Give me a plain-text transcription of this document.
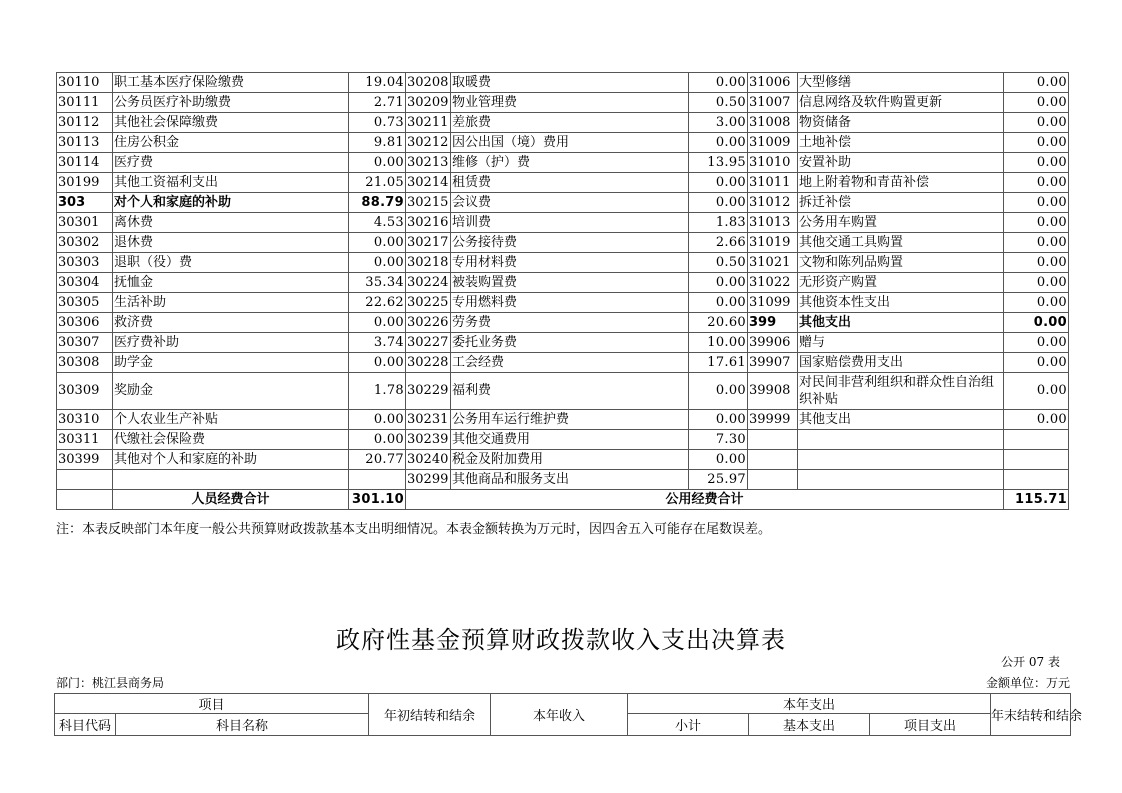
30110	职工基本医疗保险缴费	19.04	30208	取暖费	0.00	31006	大型修缮	0.00
30111	公务员医疗补助缴费	2.71	30209	物业管理费	0.50	31007	信息网络及软件购置更新	0.00
30112	其他社会保障缴费	0.73	30211	差旅费	3.00	31008	物资储备	0.00
30113	住房公积金	9.81	30212	因公出国（境）费用	0.00	31009	土地补偿	0.00
30114	医疗费	0.00	30213	维修（护）费	13.95	31010	安置补助	0.00
30199	其他工资福利支出	21.05	30214	租赁费	0.00	31011	地上附着物和青苗补偿	0.00
303	对个人和家庭的补助	88.79	30215	会议费	0.00	31012	拆迁补偿	0.00
30301	离休费	4.53	30216	培训费	1.83	31013	公务用车购置	0.00
30302	退休费	0.00	30217	公务接待费	2.66	31019	其他交通工具购置	0.00
30303	退职（役）费	0.00	30218	专用材料费	0.50	31021	文物和陈列品购置	0.00
30304	抚恤金	35.34	30224	被装购置费	0.00	31022	无形资产购置	0.00
30305	生活补助	22.62	30225	专用燃料费	0.00	31099	其他资本性支出	0.00
30306	救济费	0.00	30226	劳务费	20.60	399	其他支出	0.00
30307	医疗费补助	3.74	30227	委托业务费	10.00	39906	赠与	0.00
30308	助学金	0.00	30228	工会经费	17.61	39907	国家赔偿费用支出	0.00
30309	奖励金	1.78	30229	福利费	0.00	39908	对民间非营利组织和群众性自治组织补贴	0.00
30310	个人农业生产补贴	0.00	30231	公务用车运行维护费	0.00	39999	其他支出	0.00
30311	代缴社会保险费	0.00	30239	其他交通费用	7.30			
30399	其他对个人和家庭的补助	20.77	30240	税金及附加费用	0.00			
			30299	其他商品和服务支出	25.97			
	人员经费合计	301.10	公用经费合计					115.71
注：本表反映部门本年度一般公共预算财政拨款基本支出明细情况。本表金额转换为万元时，因四舍五入可能存在尾数误差。
政府性基金预算财政拨款收入支出决算表
公开 07 表
部门：桃江县商务局	金额单位：万元
项目		年初结转和结余	本年收入	本年支出			年末结转和结余
科目代码	科目名称			小计	基本支出	项目支出	
